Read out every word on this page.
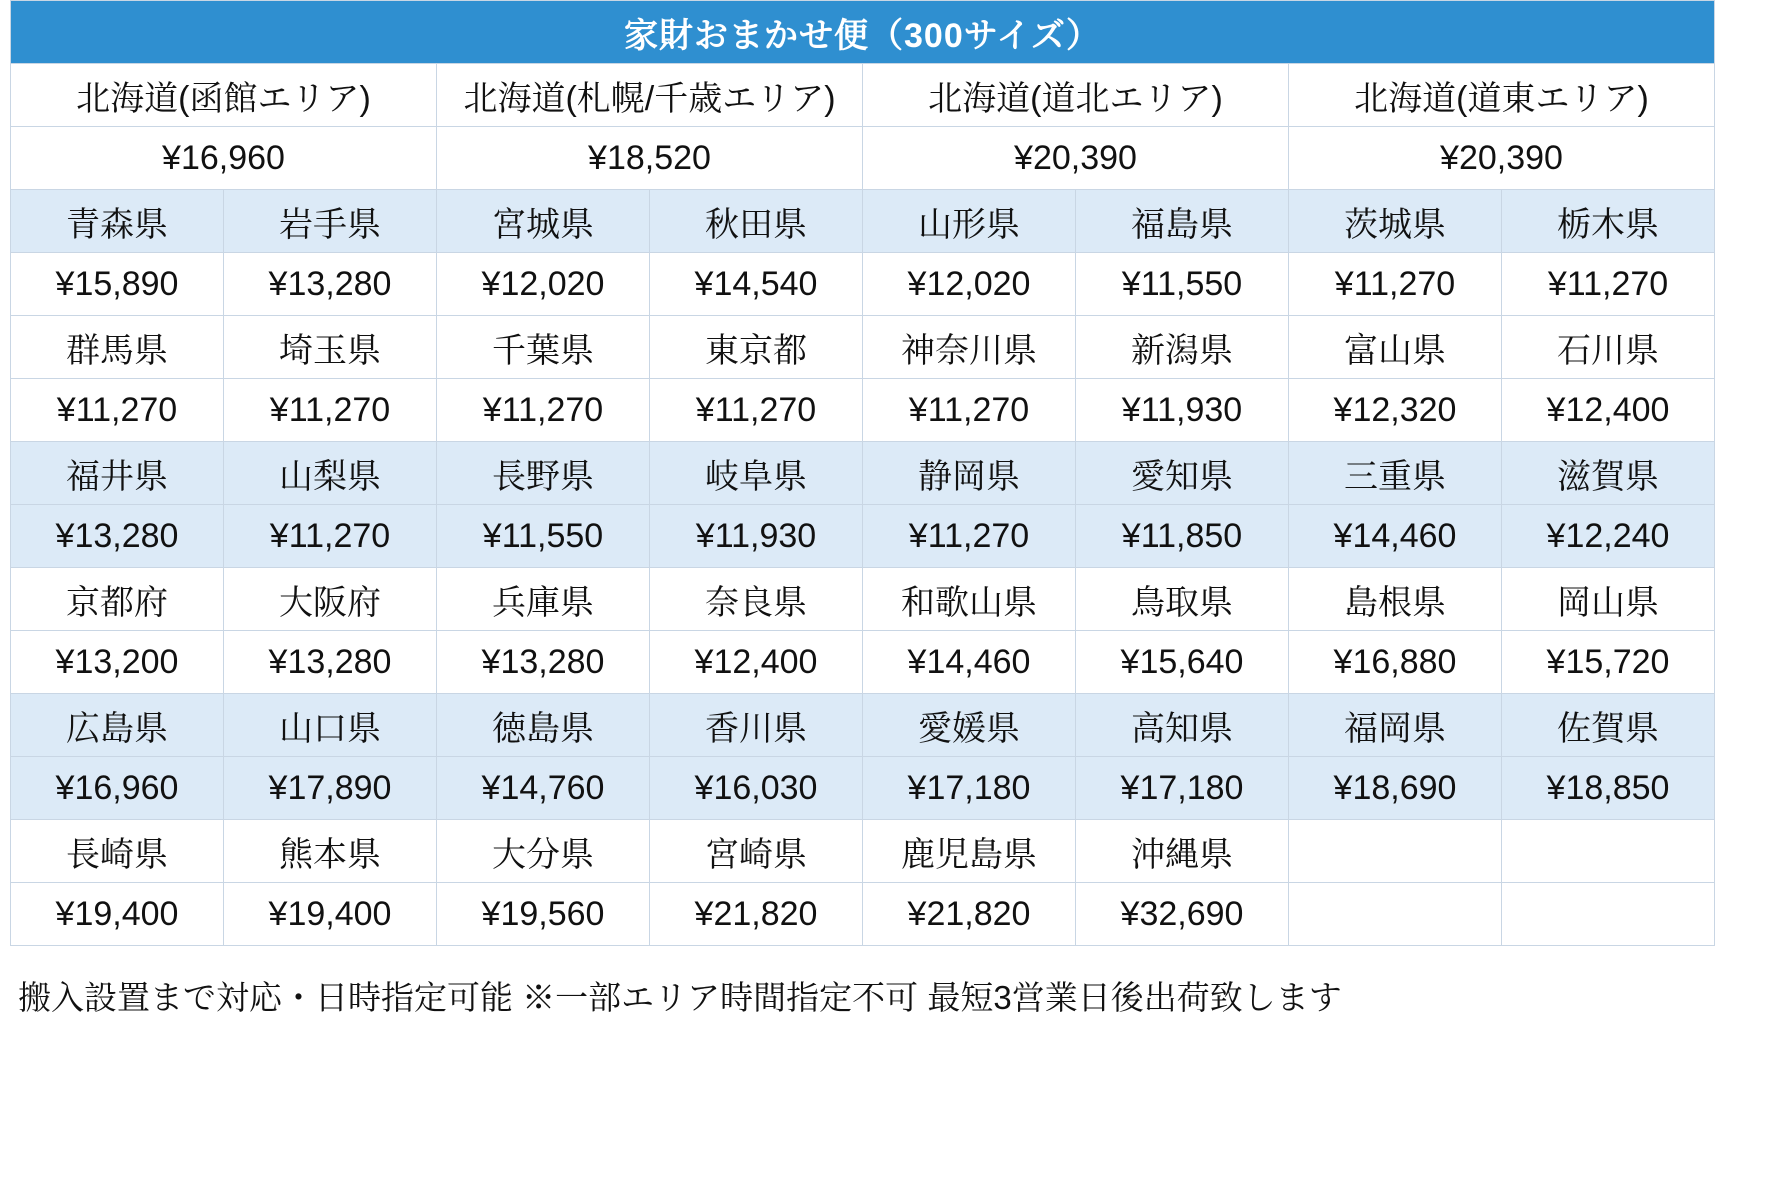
家財おまかせ便（300サイズ）							
北海道(函館エリア)		北海道(札幌/千歳エリア)		北海道(道北エリア)		北海道(道東エリア)	
¥16,960		¥18,520		¥20,390		¥20,390	
青森県	岩手県	宮城県	秋田県	山形県	福島県	茨城県	栃木県
¥15,890	¥13,280	¥12,020	¥14,540	¥12,020	¥11,550	¥11,270	¥11,270
群馬県	埼玉県	千葉県	東京都	神奈川県	新潟県	富山県	石川県
¥11,270	¥11,270	¥11,270	¥11,270	¥11,270	¥11,930	¥12,320	¥12,400
福井県	山梨県	長野県	岐阜県	静岡県	愛知県	三重県	滋賀県
¥13,280	¥11,270	¥11,550	¥11,930	¥11,270	¥11,850	¥14,460	¥12,240
京都府	大阪府	兵庫県	奈良県	和歌山県	鳥取県	島根県	岡山県
¥13,200	¥13,280	¥13,280	¥12,400	¥14,460	¥15,640	¥16,880	¥15,720
広島県	山口県	徳島県	香川県	愛媛県	高知県	福岡県	佐賀県
¥16,960	¥17,890	¥14,760	¥16,030	¥17,180	¥17,180	¥18,690	¥18,850
長崎県	熊本県	大分県	宮崎県	鹿児島県	沖縄県		
¥19,400	¥19,400	¥19,560	¥21,820	¥21,820	¥32,690		
搬入設置まで対応・日時指定可能 ※一部エリア時間指定不可 最短3営業日後出荷致します
